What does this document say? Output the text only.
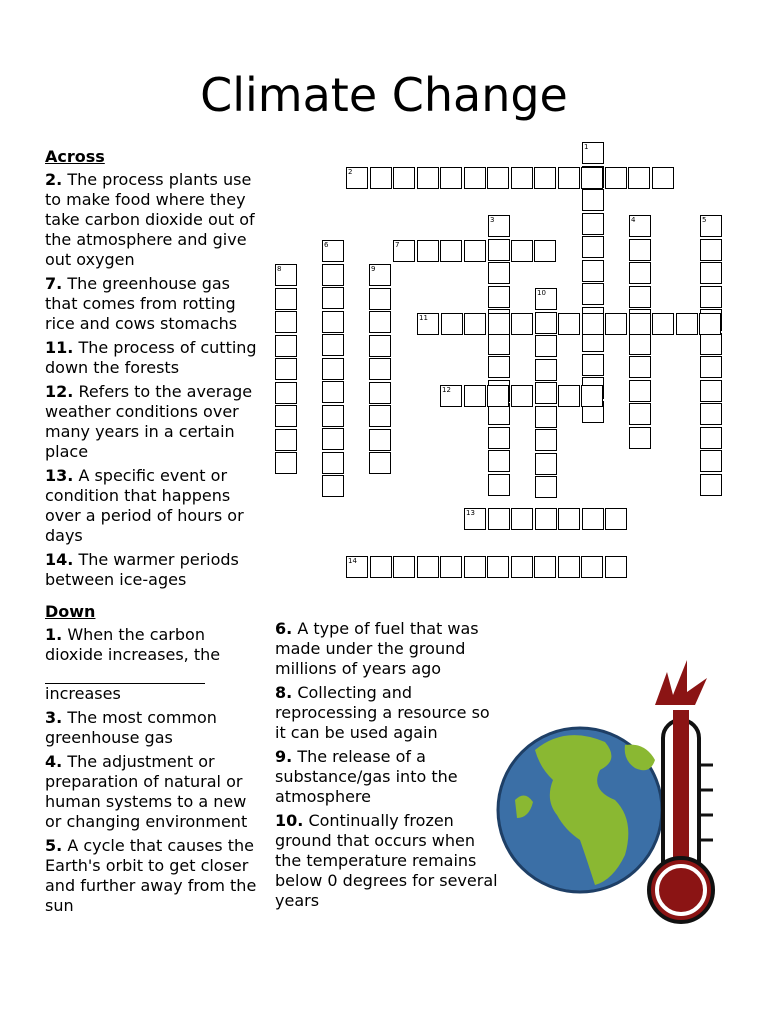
Climate Change
Across
2. The process plants use to make food where they take carbon dioxide out of the atmosphere and give out oxygen
7. The greenhouse gas that comes from rotting rice and cows stomachs
11. The process of cutting down the forests
12. Refers to the average weather conditions over many years in a certain place
13. A specific event or condition that happens over a period of hours or days
14. The warmer periods between ice-ages
Down
1. When the carbon dioxide increases, the
increases
3. The most common greenhouse gas
4. The adjustment or preparation of natural or human systems to a new or changing environment
5. A cycle that causes the Earth's orbit to get closer and further away from the sun
6. A type of fuel that was made under the ground millions of years ago
8. Collecting and reprocessing a resource so it can be used again
9. The release of a substance/gas into the atmosphere
10. Continually frozen ground that occurs when the temperature remains below 0 degrees for several years
1
2
3	4	5
6	7
8	9
10
11
12
13
14
